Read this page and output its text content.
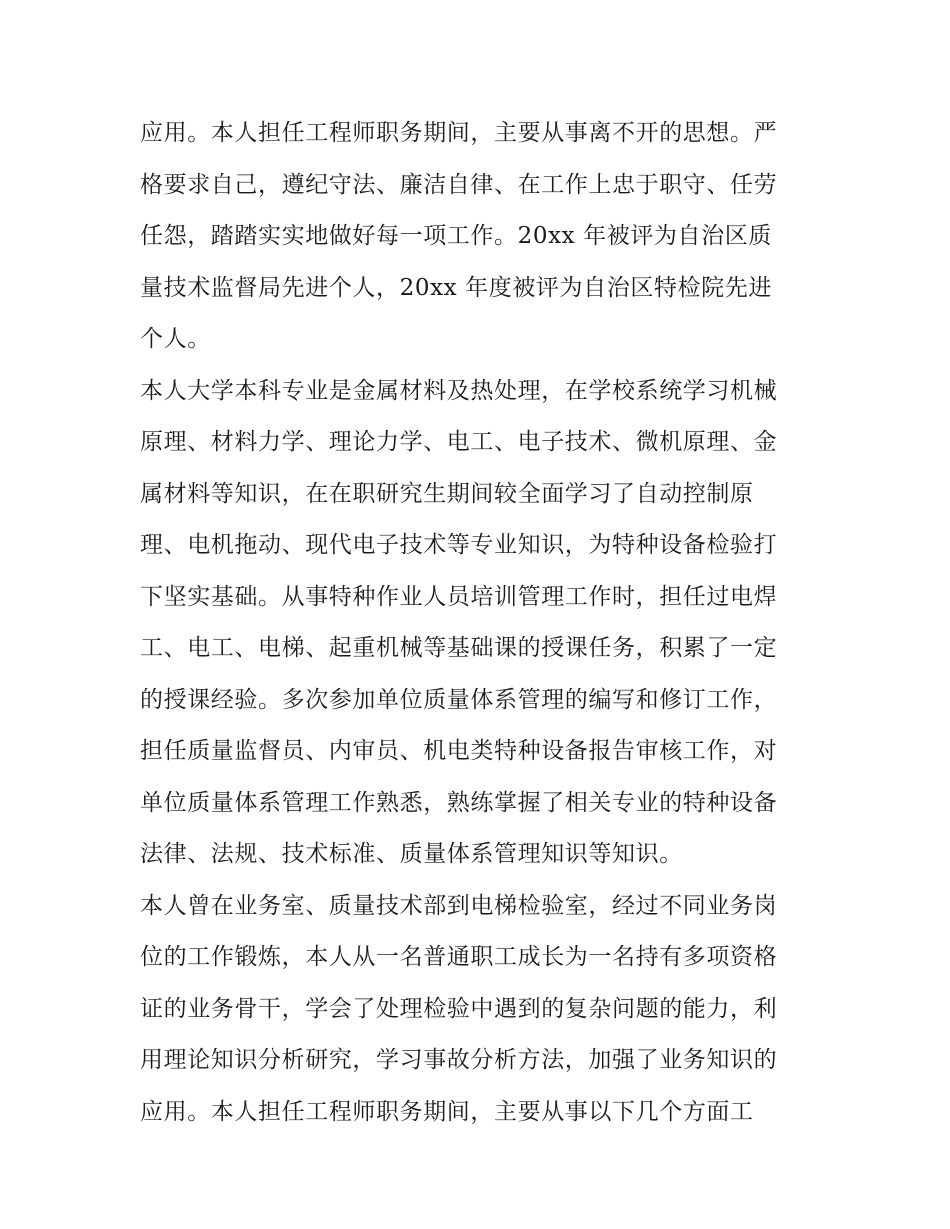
应用。本人担任工程师职务期间，主要从事离不开的思想。严
格要求自己，遵纪守法、廉洁自律、在工作上忠于职守、任劳
任怨，踏踏实实地做好每一项工作。20xx 年被评为自治区质
量技术监督局先进个人，20xx 年度被评为自治区特检院先进
个人。
本人大学本科专业是金属材料及热处理，在学校系统学习机械
原理、材料力学、理论力学、电工、电子技术、微机原理、金
属材料等知识，在在职研究生期间较全面学习了自动控制原
理、电机拖动、现代电子技术等专业知识，为特种设备检验打
下坚实基础。从事特种作业人员培训管理工作时，担任过电焊
工、电工、电梯、起重机械等基础课的授课任务，积累了一定
的授课经验。多次参加单位质量体系管理的编写和修订工作，
担任质量监督员、内审员、机电类特种设备报告审核工作，对
单位质量体系管理工作熟悉，熟练掌握了相关专业的特种设备
法律、法规、技术标准、质量体系管理知识等知识。
本人曾在业务室、质量技术部到电梯检验室，经过不同业务岗
位的工作锻炼，本人从一名普通职工成长为一名持有多项资格
证的业务骨干，学会了处理检验中遇到的复杂问题的能力，利
用理论知识分析研究，学习事故分析方法，加强了业务知识的
应用。本人担任工程师职务期间，主要从事以下几个方面工
